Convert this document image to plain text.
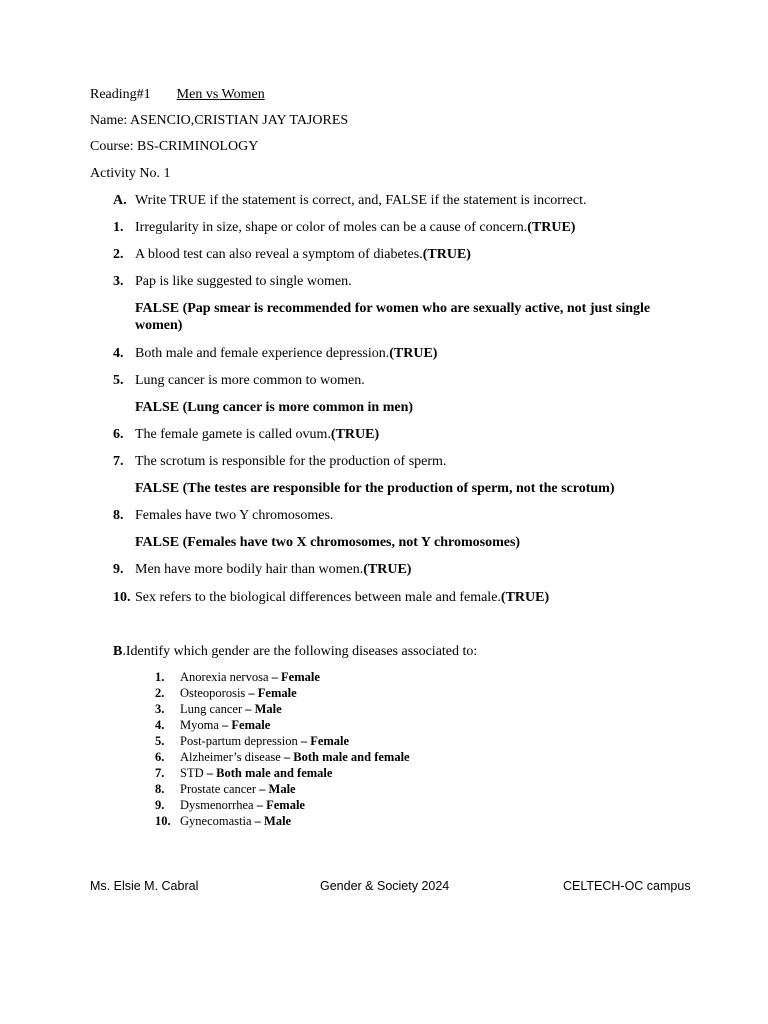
Reading#1 Men vs Women
Name: ASENCIO,CRISTIAN JAY TAJORES
Course: BS-CRIMINOLOGY
Activity No. 1
A. Write TRUE if the statement is correct, and, FALSE if the statement is incorrect.
1. Irregularity in size, shape or color of moles can be a cause of concern.(TRUE)
2. A blood test can also reveal a symptom of diabetes.(TRUE)
3. Pap is like suggested to single women.
FALSE (Pap smear is recommended for women who are sexually active, not just single women)
4. Both male and female experience depression.(TRUE)
5. Lung cancer is more common to women.
FALSE (Lung cancer is more common in men)
6. The female gamete is called ovum.(TRUE)
7. The scrotum is responsible for the production of sperm.
FALSE (The testes are responsible for the production of sperm, not the scrotum)
8. Females have two Y chromosomes.
FALSE (Females have two X chromosomes, not Y chromosomes)
9. Men have more bodily hair than women.(TRUE)
10. Sex refers to the biological differences between male and female.(TRUE)
B.Identify which gender are the following diseases associated to:
1. Anorexia nervosa – Female
2. Osteoporosis – Female
3. Lung cancer – Male
4. Myoma – Female
5. Post-partum depression – Female
6. Alzheimer’s disease – Both male and female
7. STD – Both male and female
8. Prostate cancer – Male
9. Dysmenorrhea – Female
10. Gynecomastia – Male
Ms. Elsie M. Cabral	Gender & Society 2024	CELTECH-OC campus
